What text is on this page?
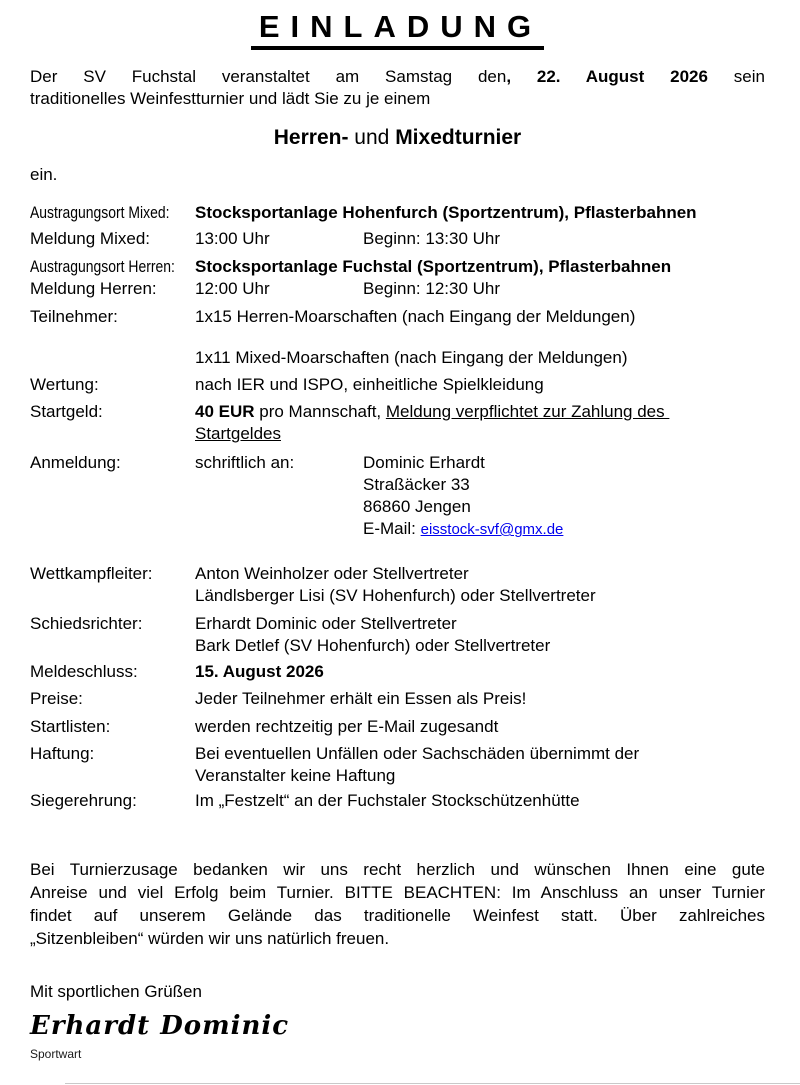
EINLADUNG
Der SV Fuchstal veranstaltet am Samstag den, 22. August 2026 sein
traditionelles Weinfestturnier und lädt Sie zu je einem
Herren- und Mixedturnier
ein.
Austragungsort Mixed:	Stocksportanlage Hohenfurch (Sportzentrum), Pflasterbahnen
Meldung Mixed:	13:00 Uhr	Beginn: 13:30 Uhr
Austragungsort Herren:	Stocksportanlage Fuchstal (Sportzentrum), Pflasterbahnen
Meldung Herren:	12:00 Uhr	Beginn: 12:30 Uhr
Teilnehmer:	1x15 Herren-Moarschaften (nach Eingang der Meldungen)
1x11 Mixed-Moarschaften (nach Eingang der Meldungen)
Wertung:	nach IER und ISPO, einheitliche Spielkleidung
Startgeld:	40 EUR pro Mannschaft, Meldung verpflichtet zur Zahlung des
Startgeldes
Anmeldung:	schriftlich an:	Dominic Erhardt
Straßäcker 33
86860 Jengen
E-Mail: eisstock-svf@gmx.de
Wettkampfleiter:	Anton Weinholzer oder Stellvertreter
Ländlsberger Lisi (SV Hohenfurch) oder Stellvertreter
Schiedsrichter:	Erhardt Dominic oder Stellvertreter
Bark Detlef (SV Hohenfurch) oder Stellvertreter
Meldeschluss:	15. August 2026
Preise:	Jeder Teilnehmer erhält ein Essen als Preis!
Startlisten:	werden rechtzeitig per E-Mail zugesandt
Haftung:	Bei eventuellen Unfällen oder Sachschäden übernimmt der
Veranstalter keine Haftung
Siegerehrung:	Im „Festzelt“ an der Fuchstaler Stockschützenhütte
Bei Turnierzusage bedanken wir uns recht herzlich und wünschen Ihnen eine gute
Anreise und viel Erfolg beim Turnier. BITTE BEACHTEN: Im Anschluss an unser Turnier
findet auf unserem Gelände das traditionelle Weinfest statt. Über zahlreiches
„Sitzenbleiben“ würden wir uns natürlich freuen.
Mit sportlichen Grüßen
Erhardt Dominic
Sportwart
